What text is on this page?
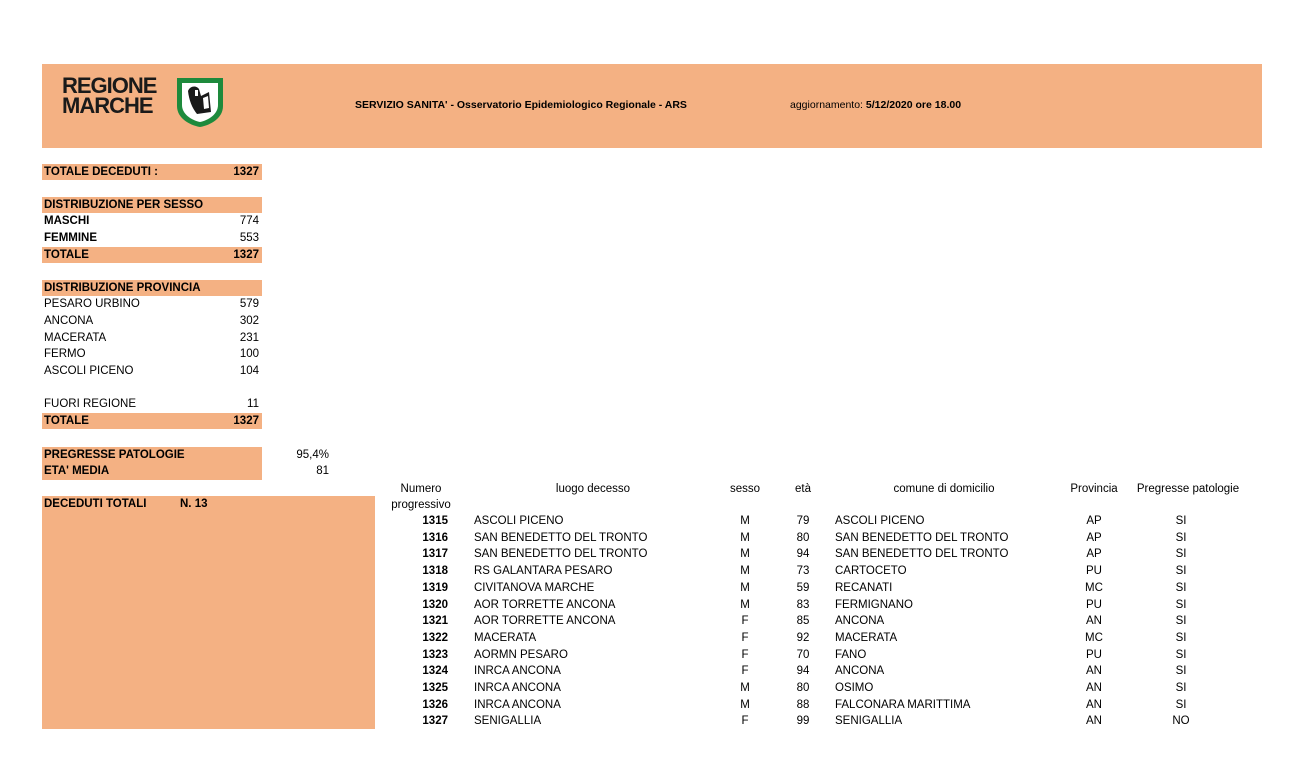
REGIONE
MARCHE	SERVIZIO SANITA' - Osservatorio Epidemiologico Regionale - ARS	aggiornamento: 5/12/2020 ore 18.00
TOTALE DECEDUTI :	1327
DISTRIBUZIONE PER SESSO
MASCHI	774
FEMMINE	553
TOTALE	1327
DISTRIBUZIONE PROVINCIA
PESARO URBINO	579
ANCONA	302
MACERATA	231
FERMO	100
ASCOLI PICENO	104
FUORI REGIONE	11
TOTALE	1327
PREGRESSE PATOLOGIE	95,4%
ETA' MEDIA	81
DECEDUTI TOTALI	N. 13
Numero
progressivo
luogo decesso	sesso	età	comune di domicilio	Provincia	Pregresse patologie
1315 ASCOLI PICENO	M	79	ASCOLI PICENO	AP	SI
1316 SAN BENEDETTO DEL TRONTO	M	80	SAN BENEDETTO DEL TRONTO	AP	SI
1317 SAN BENEDETTO DEL TRONTO	M	94	SAN BENEDETTO DEL TRONTO	AP	SI
1318 RS GALANTARA PESARO	M	73	CARTOCETO	PU	SI
1319 CIVITANOVA MARCHE	M	59	RECANATI	MC	SI
1320 AOR TORRETTE ANCONA	M	83	FERMIGNANO	PU	SI
1321 AOR TORRETTE ANCONA	F	85	ANCONA	AN	SI
1322 MACERATA	F	92	MACERATA	MC	SI
1323 AORMN PESARO	F	70	FANO	PU	SI
1324 INRCA ANCONA	F	94	ANCONA	AN	SI
1325 INRCA ANCONA	M	80	OSIMO	AN	SI
1326 INRCA ANCONA	M	88	FALCONARA MARITTIMA	AN	SI
1327 SENIGALLIA	F	99	SENIGALLIA	AN	NO
